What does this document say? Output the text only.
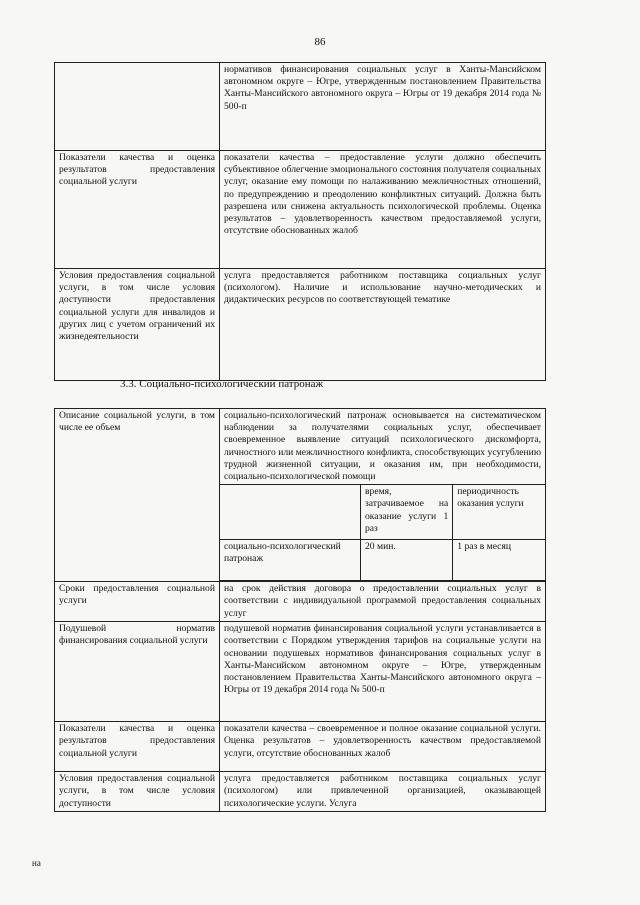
86
	нормативов финансирования социальных услуг в Ханты-Мансийском автономном округе – Югре, утвержденным постановлением Правительства Ханты-Мансийского автономного округа – Югры от 19 декабря 2014 года № 500-п
Показатели качества и оценка результатов предоставления социальной услуги	показатели качества – предоставление услуги должно обеспечить субъективное облегчение эмоционального состояния получателя социальных услуг, оказание ему помощи по налаживанию межличностных отношений, по предупреждению и преодолению конфликтных ситуаций. Должна быть разрешена или снижена актуальность психологической проблемы. Оценка результатов – удовлетворенность качеством предоставляемой услуги, отсутствие обоснованных жалоб
Условия предоставления социальной услуги, в том числе условия доступности предоставления социальной услуги для инвалидов и других лиц с учетом ограничений их жизнедеятельности	услуга предоставляется работником поставщика социальных услуг (психологом). Наличие и использование научно-методических и дидактических ресурсов по соответствующей тематике
3.3. Социально-психологический патронаж
Описание социальной услуги, в том числе ее объем	социально-психологический патронаж основывается на систематическом наблюдении за получателями социальных услуг, обеспечивает своевременное выявление ситуаций психологического дискомфорта, личностного или межличностного конфликта, способствующих усугублению трудной жизненной ситуации, и оказания им, при необходимости, социально-психологической помощи

	время, затрачиваемое на оказание услуги 1 раз	периодичность оказания услуги
социально-психологический патронаж	20 мин.	1 раз в месяц

Сроки предоставления социальной услуги	на срок действия договора о предоставлении социальных услуг в соответствии с индивидуальной программой предоставления социальных услуг
Подушевой норматив финансирования социальной услуги	подушевой норматив финансирования социальной услуги устанавливается в соответствии с Порядком утверждения тарифов на социальные услуги на основании подушевых нормативов финансирования социальных услуг в Ханты-Мансийском автономном округе – Югре, утвержденным постановлением Правительства Ханты-Мансийского автономного округа – Югры от 19 декабря 2014 года № 500-п
Показатели качества и оценка результатов предоставления социальной услуги	показатели качества – своевременное и полное оказание социальной услуги. Оценка результатов – удовлетворенность качеством предоставляемой услуги, отсутствие обоснованных жалоб
Условия предоставления социальной услуги, в том числе условия доступности	услуга предоставляется работником поставщика социальных услуг (психологом) или привлеченной организацией, оказывающей психологические услуги. Услуга
на
